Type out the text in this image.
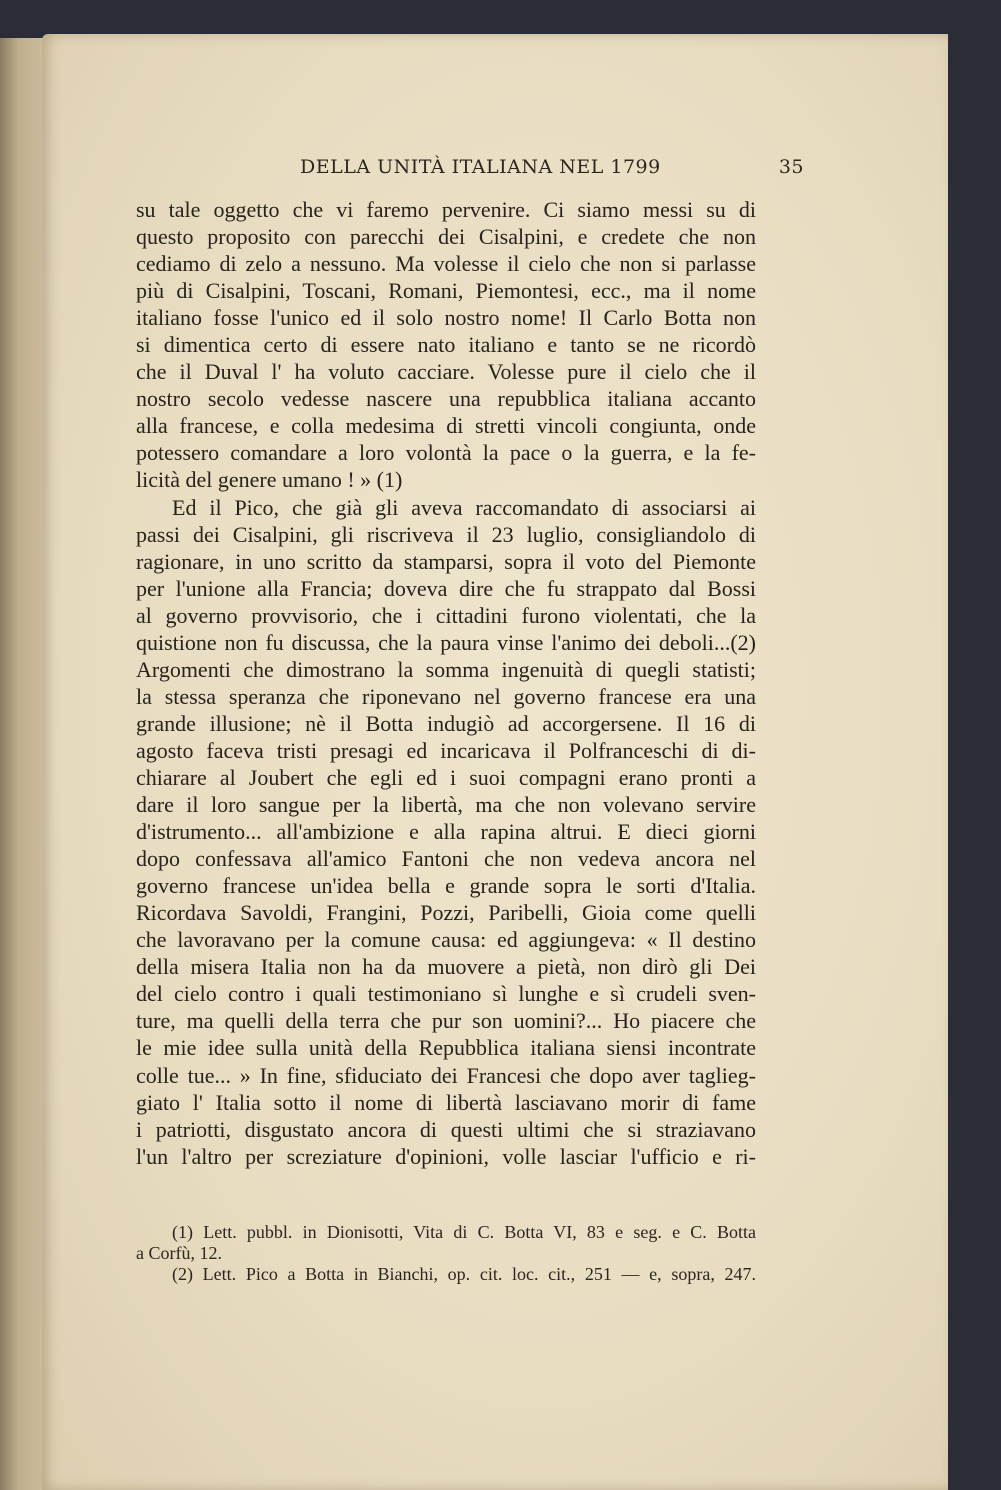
DELLA UNITÀ ITALIANA NEL 1799	35
su tale oggetto che vi faremo pervenire. Ci siamo messi su di
questo proposito con parecchi dei Cisalpini, e credete che non
cediamo di zelo a nessuno. Ma volesse il cielo che non si parlasse
più di Cisalpini, Toscani, Romani, Piemontesi, ecc., ma il nome
italiano fosse l'unico ed il solo nostro nome! Il Carlo Botta non
si dimentica certo di essere nato italiano e tanto se ne ricordò
che il Duval l' ha voluto cacciare. Volesse pure il cielo che il
nostro secolo vedesse nascere una repubblica italiana accanto
alla francese, e colla medesima di stretti vincoli congiunta, onde
potessero comandare a loro volontà la pace o la guerra, e la fe-
licità del genere umano ! » (1)
Ed il Pico, che già gli aveva raccomandato di associarsi ai
passi dei Cisalpini, gli riscriveva il 23 luglio, consigliandolo di
ragionare, in uno scritto da stamparsi, sopra il voto del Piemonte
per l'unione alla Francia; doveva dire che fu strappato dal Bossi
al governo provvisorio, che i cittadini furono violentati, che la
quistione non fu discussa, che la paura vinse l'animo dei deboli...(2)
Argomenti che dimostrano la somma ingenuità di quegli statisti;
la stessa speranza che riponevano nel governo francese era una
grande illusione; nè il Botta indugiò ad accorgersene. Il 16 di
agosto faceva tristi presagi ed incaricava il Polfranceschi di di-
chiarare al Joubert che egli ed i suoi compagni erano pronti a
dare il loro sangue per la libertà, ma che non volevano servire
d'istrumento... all'ambizione e alla rapina altrui. E dieci giorni
dopo confessava all'amico Fantoni che non vedeva ancora nel
governo francese un'idea bella e grande sopra le sorti d'Italia.
Ricordava Savoldi, Frangini, Pozzi, Paribelli, Gioia come quelli
che lavoravano per la comune causa: ed aggiungeva: « Il destino
della misera Italia non ha da muovere a pietà, non dirò gli Dei
del cielo contro i quali testimoniano sì lunghe e sì crudeli sven-
ture, ma quelli della terra che pur son uomini?... Ho piacere che
le mie idee sulla unità della Repubblica italiana siensi incontrate
colle tue... » In fine, sfiduciato dei Francesi che dopo aver taglieg-
giato l' Italia sotto il nome di libertà lasciavano morir di fame
i patriotti, disgustato ancora di questi ultimi che si straziavano
l'un l'altro per screziature d'opinioni, volle lasciar l'ufficio e ri-
(1) Lett. pubbl. in Dionisotti, Vita di C. Botta VI, 83 e seg. e C. Botta
a Corfù, 12.
(2) Lett. Pico a Botta in Bianchi, op. cit. loc. cit., 251 — e, sopra, 247.
